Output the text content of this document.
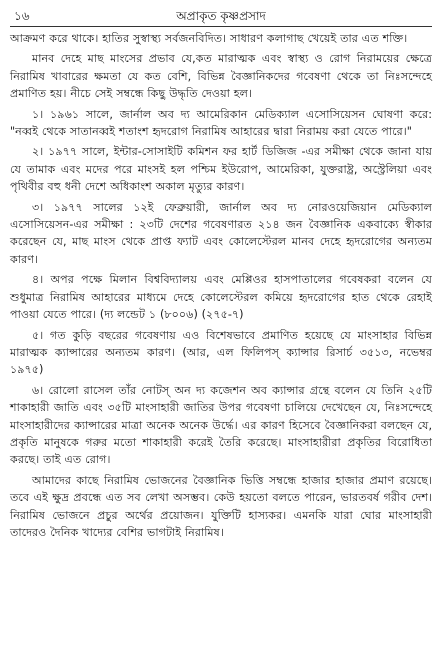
১৬	অপ্রাকৃত কৃষ্ণপ্রসাদ

আক্রমণ করে থাকে। হাতির সুস্বাস্থ্য সর্বজনবিদিত। সাধারণ কলাগাছ খেয়েই তার এত শক্তি।

মানব দেহে মাছ মাংসের প্রভাব যে,কত মারাত্মক এবং স্বাস্থ্য ও রোগ নিরাময়ের ক্ষেত্রে নিরামিষ খাবারের ক্ষমতা যে কত বেশি, বিভিন্ন বৈজ্ঞানিকদের গবেষণা থেকে তা নিঃসন্দেহে প্রমাণিত হয়। নীচে সেই সম্বন্ধে কিছু উদ্ধৃতি দেওয়া হল।

১। ১৯৬১ সালে, জার্নাল অব দ্য আমেরিকান মেডিক্যাল এসোসিয়েসন ঘোষণা করে: "নব্বই থেকে সাতানব্বই শতাংশ হৃদরোগ নিরামিষ আহারের দ্বারা নিরাময় করা যেতে পারে।"

২। ১৯৭৭ সালে, ইন্টার-সোসাইটি কমিশন ফর হার্ট ডিজিজ -এর সমীক্ষা থেকে জানা যায় যে তামাক এবং মদের পরে মাংসই হল পশ্চিম ইউরোপ, আমেরিকা, যুক্তরাষ্ট্র, অস্ট্রেলিয়া এবং পৃথিবীর বহু ধনী দেশে অধিকাংশ অকাল মৃত্যুর কারণ।

৩। ১৯৭৭ সালের ১২ই ফেব্রুয়ারী, জার্নাল অব দ্য নোরওয়েজিয়ান মেডিক্যাল এসোসিয়েসন-এর সমীক্ষা : ২৩টি দেশের গবেষণারত ২১৪ জন বৈজ্ঞানিক একবাক্যে স্বীকার করেছেন যে, মাছ মাংস থেকে প্রাপ্ত ফ্যাট এবং কোলেস্টেরল মানব দেহে হৃদরোগের অন্যতম কারণ।

৪। অপর পক্ষে মিলান বিশ্ববিদ্যালয় এবং মেপ্পিওর হাসপাতালের গবেষকরা বলেন যে শুধুমাত্র নিরামিষ আহারের মাধ্যমে দেহে কোলেস্টেরল কমিয়ে হৃদরোগের হাত থেকে রেহাই পাওয়া যেতে পারে। (দ্য লন্ডেট ১ (৮০০৬) (২৭৫-৭)

৫। গত কুড়ি বছরের গবেষণায় এও বিশেষভাবে প্রমাণিত হয়েছে যে মাংসাহার বিভিন্ন মারাত্মক ক্যান্সারের অন্যতম কারণ। (আর, এল ফিলিপস্ ক্যান্সার রিসার্চ ৩৫১৩, নভেম্বর ১৯৭৫)

৬। রোলো রাসেল তাঁর নোটস্ অন দ্য কজেশন অব ক্যান্সার গ্রন্থে বলেন যে তিনি ২৫টি শাকাহারী জাতি এবং ৩৫টি মাংসাহারী জাতির উপর গবেষণা চালিয়ে দেখেছেন যে, নিঃসন্দেহে মাংসাহারীদের ক্যান্সারের মাত্রা অনেক অনেক উর্দ্ধে। এর কারণ হিসেবে বৈজ্ঞানিকরা বলছেন যে, প্রকৃতি মানুষকে গরুর মতো শাকাহারী করেই তৈরি করেছে। মাংসাহারীরা প্রকৃতির বিরোধিতা করছে। তাই এত রোগ।

আমাদের কাছে নিরামিষ ভোজনের বৈজ্ঞানিক ভিত্তি সম্বন্ধে হাজার হাজার প্রমাণ রয়েছে। তবে এই ক্ষুদ্র প্রবন্ধে এত সব লেখা অসম্ভব। কেউ হয়তো বলতে পারেন, ভারতবর্ষ গরীব দেশ। নিরামিষ ভোজনে প্রচুর অর্থের প্রয়োজন। যুক্তিটি হাস্যকর। এমনকি যারা ঘোর মাংসাহারী তাদেরও দৈনিক খাদ্যের বেশির ভাগটাই নিরামিষ।
